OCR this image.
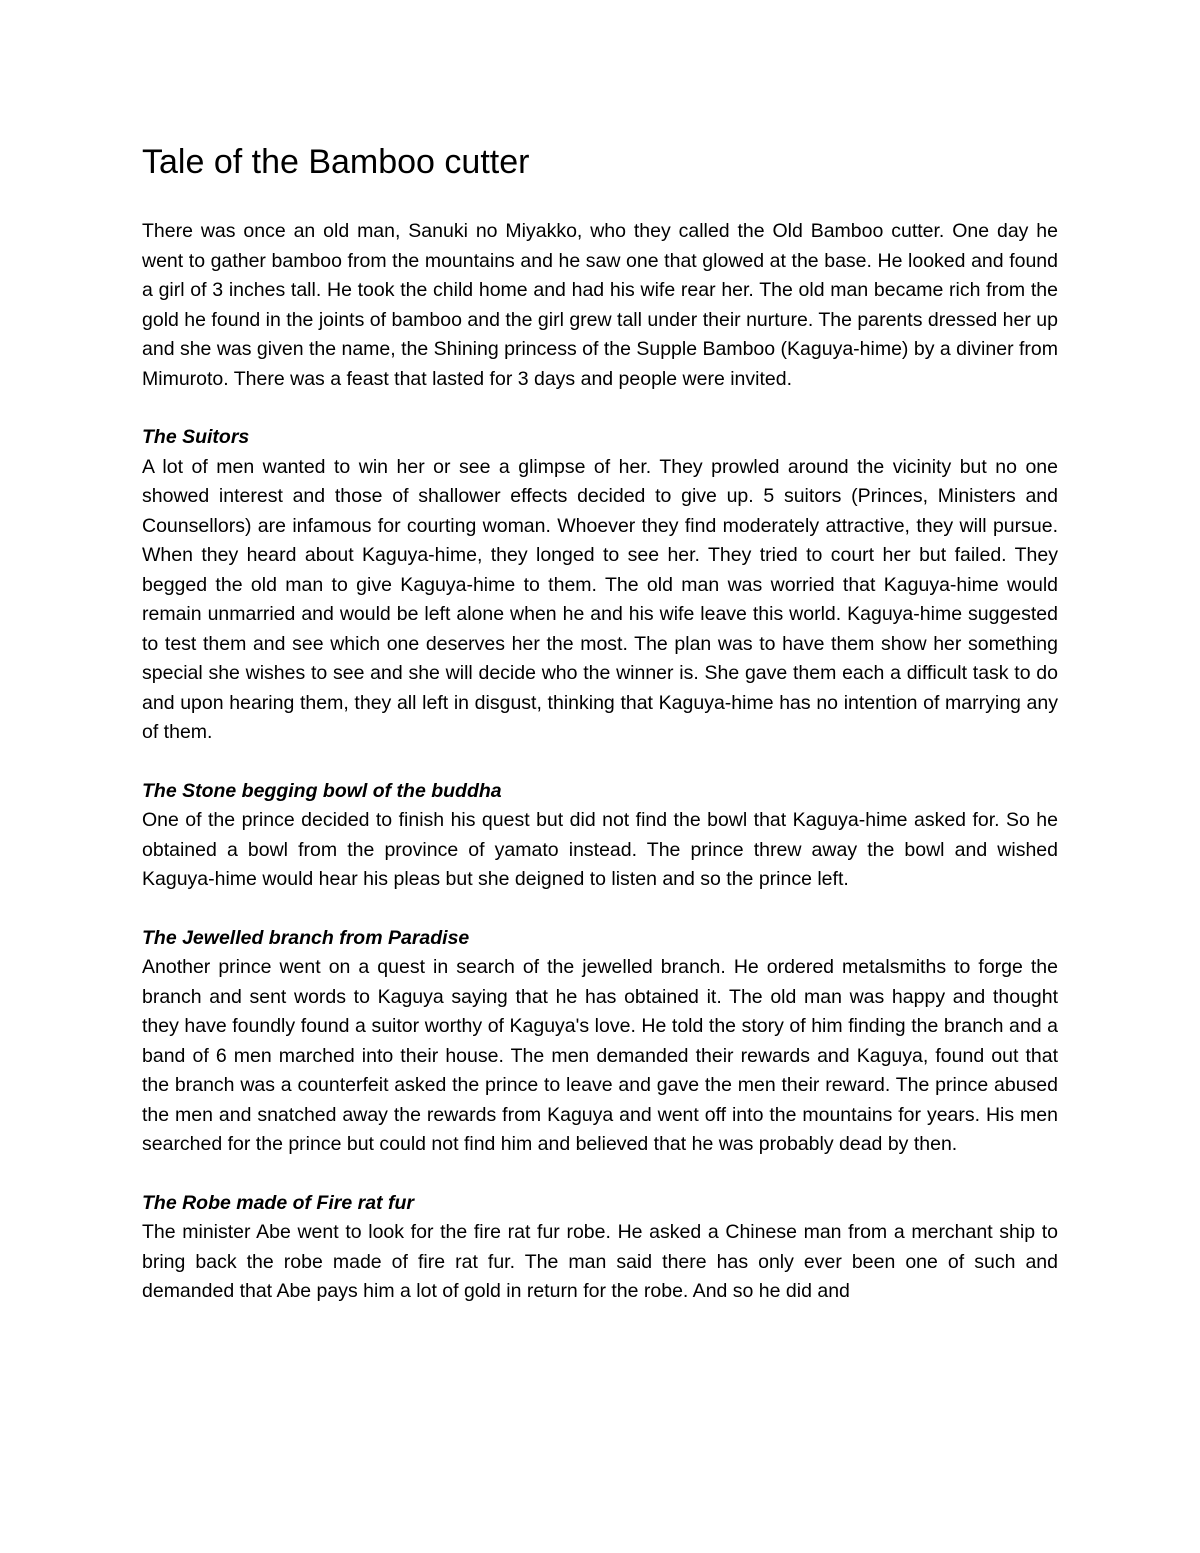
Tale of the Bamboo cutter

There was once an old man, Sanuki no Miyakko, who they called the Old Bamboo cutter. One day he went to gather bamboo from the mountains and he saw one that glowed at the base. He looked and found a girl of 3 inches tall. He took the child home and had his wife rear her. The old man became rich from the gold he found in the joints of bamboo and the girl grew tall under their nurture. The parents dressed her up and she was given the name, the Shining princess of the Supple Bamboo (Kaguya-hime) by a diviner from Mimuroto. There was a feast that lasted for 3 days and people were invited.

The Suitors

A lot of men wanted to win her or see a glimpse of her. They prowled around the vicinity but no one showed interest and those of shallower effects decided to give up. 5 suitors (Princes, Ministers and Counsellors) are infamous for courting woman. Whoever they find moderately attractive, they will pursue. When they heard about Kaguya-hime, they longed to see her. They tried to court her but failed. They begged the old man to give Kaguya-hime to them. The old man was worried that Kaguya-hime would remain unmarried and would be left alone when he and his wife leave this world. Kaguya-hime suggested to test them and see which one deserves her the most. The plan was to have them show her something special she wishes to see and she will decide who the winner is. She gave them each a difficult task to do and upon hearing them, they all left in disgust, thinking that Kaguya-hime has no intention of marrying any of them.

The Stone begging bowl of the buddha

One of the prince decided to finish his quest but did not find the bowl that Kaguya-hime asked for. So he obtained a bowl from the province of yamato instead. The prince threw away the bowl and wished Kaguya-hime would hear his pleas but she deigned to listen and so the prince left.

The Jewelled branch from Paradise

Another prince went on a quest in search of the jewelled branch. He ordered metalsmiths to forge the branch and sent words to Kaguya saying that he has obtained it. The old man was happy and thought they have foundly found a suitor worthy of Kaguya's love. He told the story of him finding the branch and a band of 6 men marched into their house. The men demanded their rewards and Kaguya, found out that the branch was a counterfeit asked the prince to leave and gave the men their reward. The prince abused the men and snatched away the rewards from Kaguya and went off into the mountains for years. His men searched for the prince but could not find him and believed that he was probably dead by then.

The Robe made of Fire rat fur

The minister Abe went to look for the fire rat fur robe. He asked a Chinese man from a merchant ship to bring back the robe made of fire rat fur. The man said there has only ever been one of such and demanded that Abe pays him a lot of gold in return for the robe. And so he did and
